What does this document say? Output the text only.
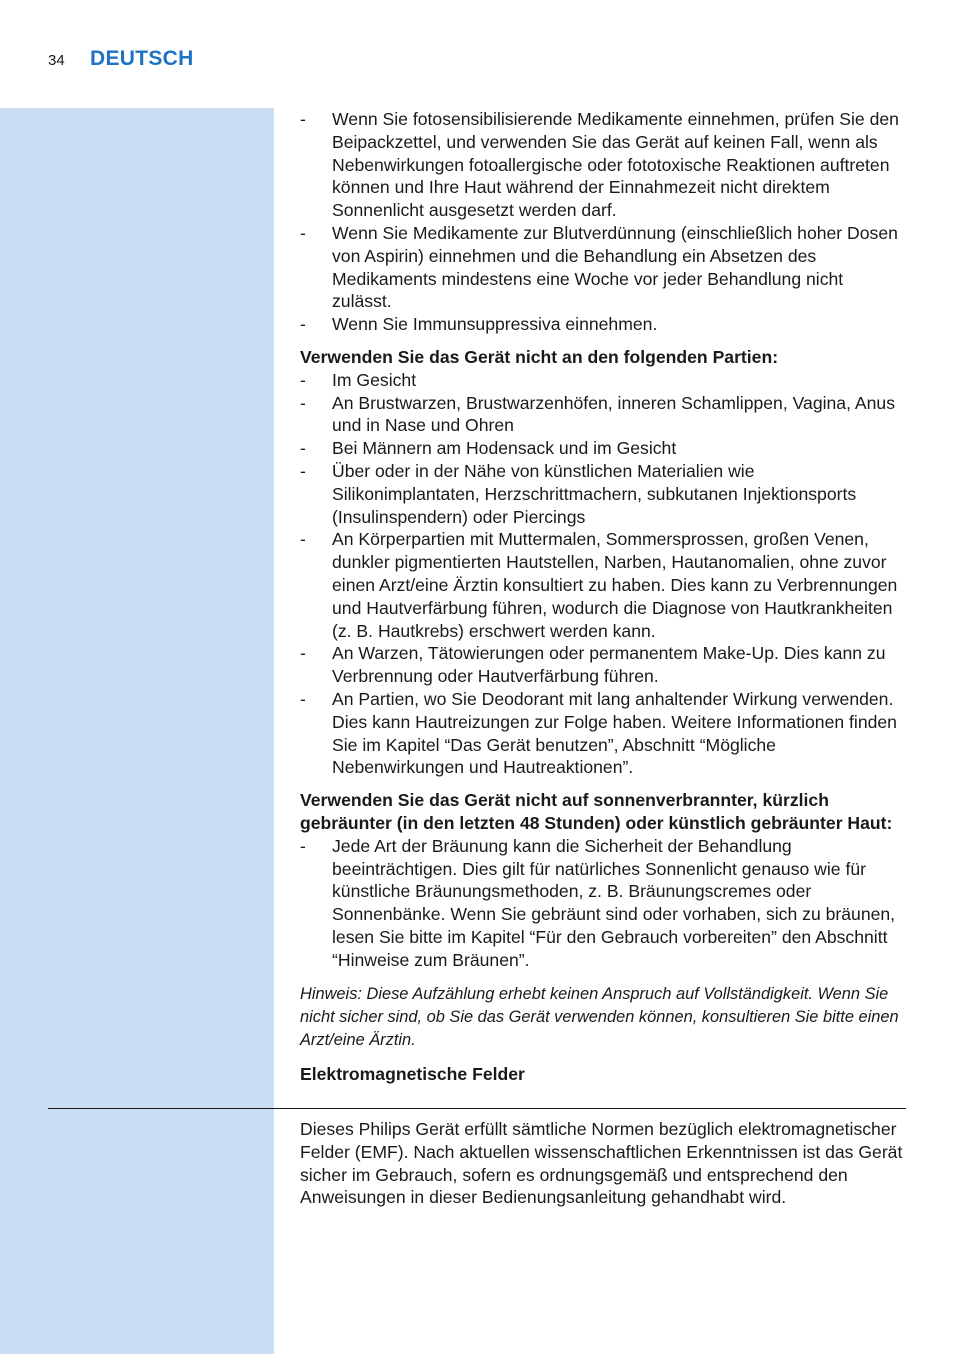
34 DEUTSCH
- Wenn Sie fotosensibilisierende Medikamente einnehmen, prüfen Sie den Beipackzettel, und verwenden Sie das Gerät auf keinen Fall, wenn als Nebenwirkungen fotoallergische oder fototoxische Reaktionen auftreten können und Ihre Haut während der Einnahmezeit nicht direktem Sonnenlicht ausgesetzt werden darf.
- Wenn Sie Medikamente zur Blutverdünnung (einschließlich hoher Dosen von Aspirin) einnehmen und die Behandlung ein Absetzen des Medikaments mindestens eine Woche vor jeder Behandlung nicht zulässt.
- Wenn Sie Immunsuppressiva einnehmen.
Verwenden Sie das Gerät nicht an den folgenden Partien:
- Im Gesicht
- An Brustwarzen, Brustwarzenhöfen, inneren Schamlippen, Vagina, Anus und in Nase und Ohren
- Bei Männern am Hodensack und im Gesicht
- Über oder in der Nähe von künstlichen Materialien wie Silikonimplantaten, Herzschrittmachern, subkutanen Injektionsports (Insulinspendern) oder Piercings
- An Körperpartien mit Muttermalen, Sommersprossen, großen Venen, dunkler pigmentierten Hautstellen, Narben, Hautanomalien, ohne zuvor einen Arzt/eine Ärztin konsultiert zu haben. Dies kann zu Verbrennungen und Hautverfärbung führen, wodurch die Diagnose von Hautkrankheiten (z. B. Hautkrebs) erschwert werden kann.
- An Warzen, Tätowierungen oder permanentem Make-Up. Dies kann zu Verbrennung oder Hautverfärbung führen.
- An Partien, wo Sie Deodorant mit lang anhaltender Wirkung verwenden. Dies kann Hautreizungen zur Folge haben. Weitere Informationen finden Sie im Kapitel “Das Gerät benutzen”, Abschnitt “Mögliche Nebenwirkungen und Hautreaktionen”.
Verwenden Sie das Gerät nicht auf sonnenverbrannter, kürzlich gebräunter (in den letzten 48 Stunden) oder künstlich gebräunter Haut:
- Jede Art der Bräunung kann die Sicherheit der Behandlung beeinträchtigen. Dies gilt für natürliches Sonnenlicht genauso wie für künstliche Bräunungsmethoden, z. B. Bräunungscremes oder Sonnenbänke. Wenn Sie gebräunt sind oder vorhaben, sich zu bräunen, lesen Sie bitte im Kapitel “Für den Gebrauch vorbereiten” den Abschnitt “Hinweise zum Bräunen”.
Hinweis: Diese Aufzählung erhebt keinen Anspruch auf Vollständigkeit. Wenn Sie nicht sicher sind, ob Sie das Gerät verwenden können, konsultieren Sie bitte einen Arzt/eine Ärztin.
Elektromagnetische Felder
Dieses Philips Gerät erfüllt sämtliche Normen bezüglich elektromagnetischer Felder (EMF). Nach aktuellen wissenschaftlichen Erkenntnissen ist das Gerät sicher im Gebrauch, sofern es ordnungsgemäß und entsprechend den Anweisungen in dieser Bedienungsanleitung gehandhabt wird.
